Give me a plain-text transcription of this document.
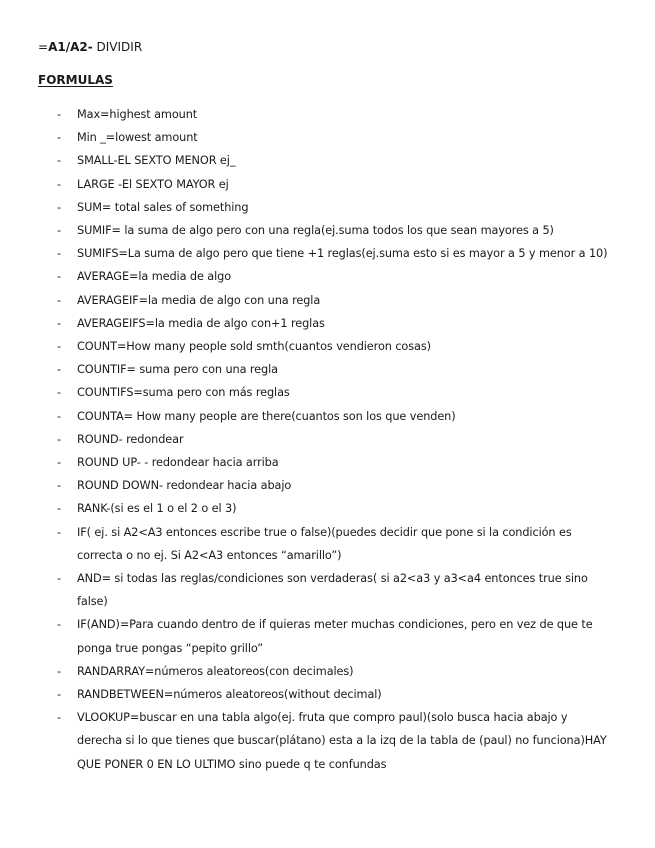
=A1/A2- DIVIDIR
FORMULAS
- Max=highest amount
- Min _=lowest amount
- SMALL-EL SEXTO MENOR ej_
- LARGE -El SEXTO MAYOR ej
- SUM= total sales of something
- SUMIF= la suma de algo pero con una regla(ej.suma todos los que sean mayores a 5)
- SUMIFS=La suma de algo pero que tiene +1 reglas(ej.suma esto si es mayor a 5 y menor a 10)
- AVERAGE=la media de algo
- AVERAGEIF=la media de algo con una regla
- AVERAGEIFS=la media de algo con+1 reglas
- COUNT=How many people sold smth(cuantos vendieron cosas)
- COUNTIF= suma pero con una regla
- COUNTIFS=suma pero con más reglas
- COUNTA= How many people are there(cuantos son los que venden)
- ROUND- redondear
- ROUND UP- - redondear hacia arriba
- ROUND DOWN- redondear hacia abajo
- RANK-(si es el 1 o el 2 o el 3)
- IF( ej. si A2<A3 entonces escribe true o false)(puedes decidir que pone si la condición es correcta o no ej. Si A2<A3 entonces “amarillo”)
- AND= si todas las reglas/condiciones son verdaderas( si a2<a3 y a3<a4 entonces true sino false)
- IF(AND)=Para cuando dentro de if quieras meter muchas condiciones, pero en vez de que te ponga true pongas “pepito grillo”
- RANDARRAY=números aleatoreos(con decimales)
- RANDBETWEEN=números aleatoreos(without decimal)
- VLOOKUP=buscar en una tabla algo(ej. fruta que compro paul)(solo busca hacia abajo y derecha si lo que tienes que buscar(plátano) esta a la izq de la tabla de (paul) no funciona)HAY QUE PONER 0 EN LO ULTIMO sino puede q te confundas
